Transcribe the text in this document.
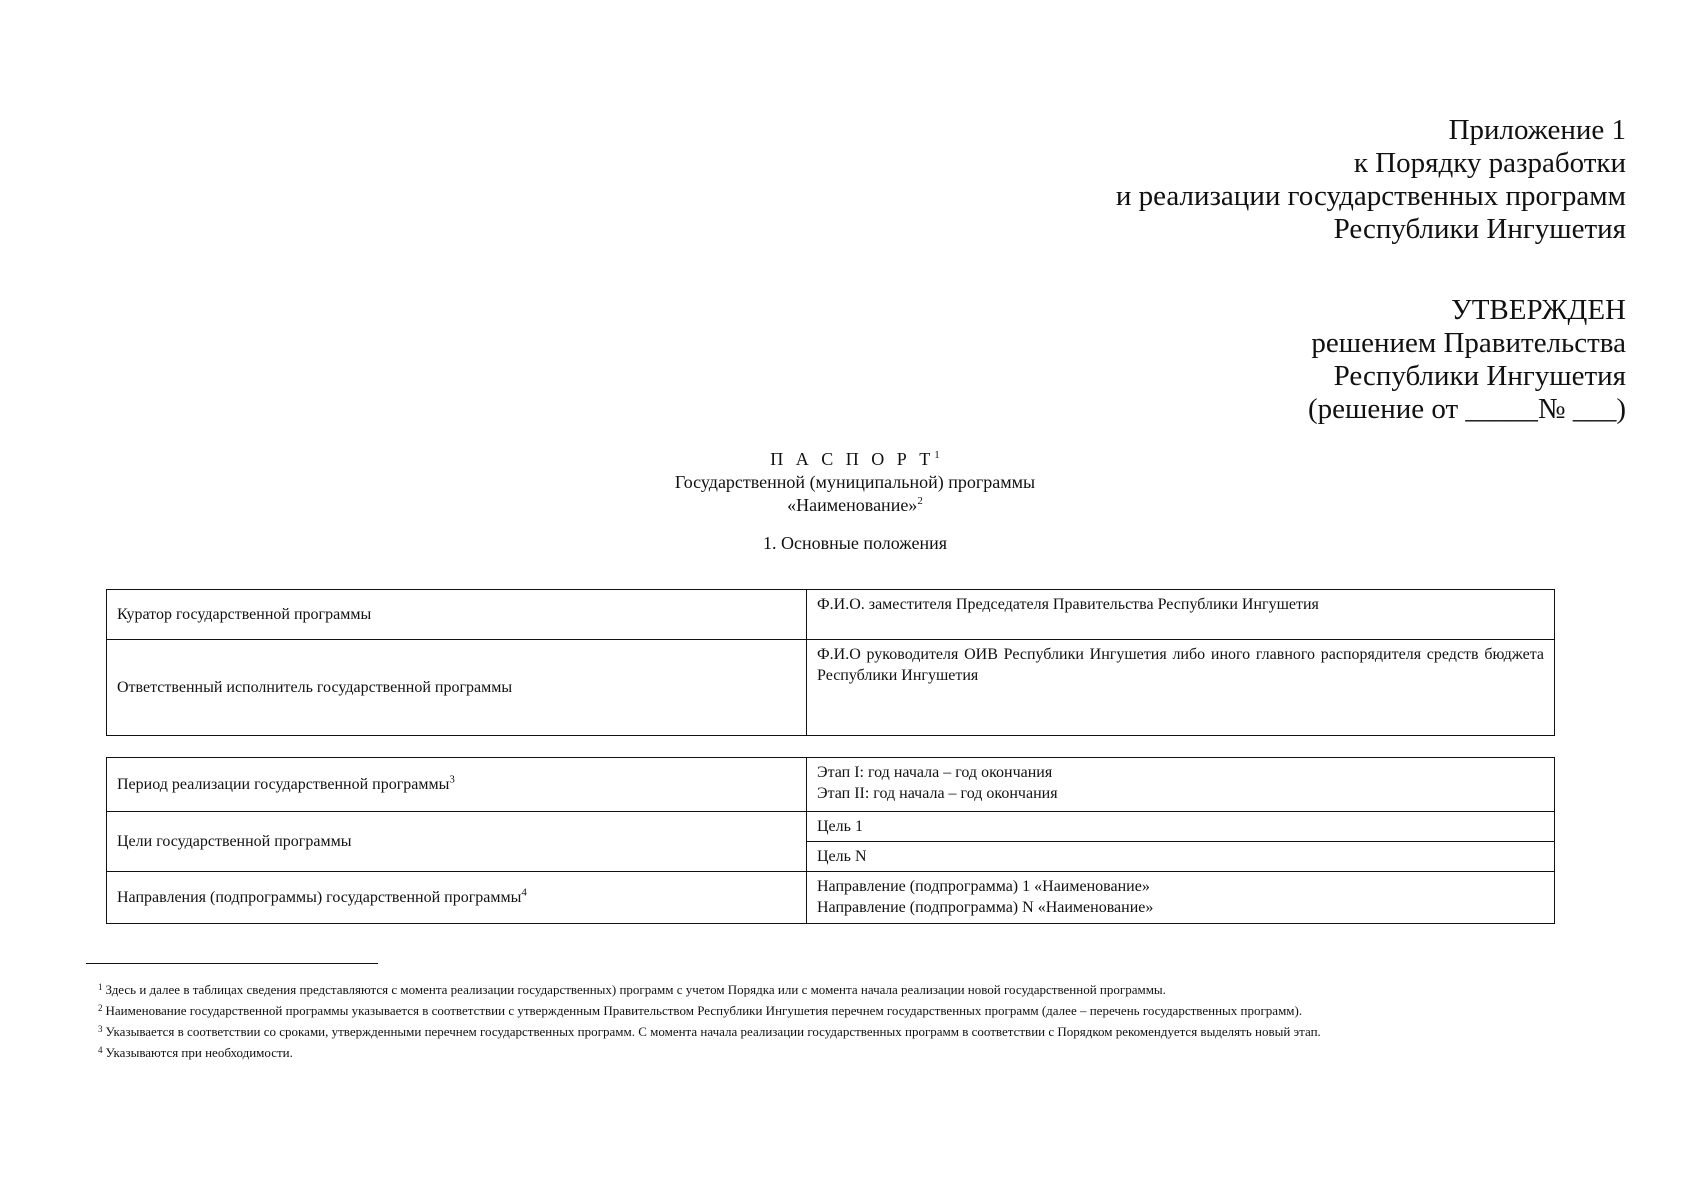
Приложение 1
к Порядку разработки
и реализации государственных программ
Республики Ингушетия
УТВЕРЖДЕН
решением Правительства
Республики Ингушетия
(решение от _____№ ___)
П А С П О Р $Т^1$
Государственной (муниципальной) программы
«Наименование»$^2$
1. Основные положения
Куратор государственной программы	Ф.И.О. заместителя Председателя Правительства Республики Ингушетия
Ответственный исполнитель государственной программы	Ф.И.О руководителя ОИВ Республики Ингушетия либо иного главного распорядителя средств бюджета Республики Ингушетия
Период реализации государственной программы$^3$	Этап I: год начала – год окончания
Этап II: год начала – год окончания

Цели государственной программы	Цель 1
	Цель N
Направления (подпрограммы) государственной программы$^4$	Направление (подпрограмма) 1 «Наименование»
Направление (подпрограмма) N «Наименование»
$^1$ Здесь и далее в таблицах сведения представляются с момента реализации государственных) программ с учетом Порядка или с момента начала реализации новой государственной программы.
$^2$ Наименование государственной программы указывается в соответствии с утвержденным Правительством Республики Ингушетия перечнем государственных программ (далее – перечень государственных программ).
$^3$ Указывается в соответствии со сроками, утвержденными перечнем государственных программ. С момента начала реализации государственных программ в соответствии с Порядком рекомендуется выделять новый этап.
$^4$ Указываются при необходимости.
